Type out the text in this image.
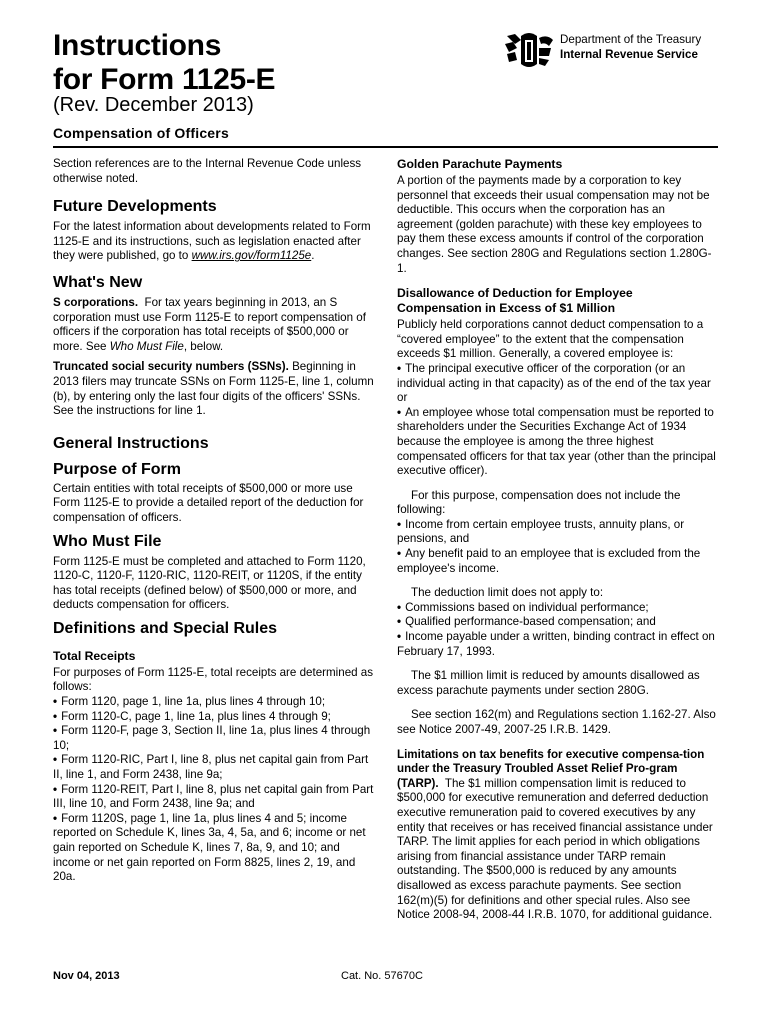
Instructions
for Form 1125-E
(Rev. December 2013)
Compensation of Officers
Department of the Treasury
Internal Revenue Service

Section references are to the Internal Revenue Code unless otherwise noted.

Future Developments

For the latest information about developments related to Form 1125-E and its instructions, such as legislation enacted after they were published, go to www.irs.gov/form1125e.

What's New

S corporations. For tax years beginning in 2013, an S corporation must use Form 1125-E to report compensation of officers if the corporation has total receipts of $500,000 or more. See Who Must File, below.

Truncated social security numbers (SSNs). Beginning in 2013 filers may truncate SSNs on Form 1125-E, line 1, column (b), by entering only the last four digits of the officers' SSNs. See the instructions for line 1.

General Instructions
Purpose of Form

Certain entities with total receipts of $500,000 or more use Form 1125-E to provide a detailed report of the deduction for compensation of officers.

Who Must File

Form 1125-E must be completed and attached to Form 1120, 1120-C, 1120-F, 1120-RIC, 1120-REIT, or 1120S, if the entity has total receipts (defined below) of $500,000 or more, and deducts compensation for officers.

Definitions and Special Rules
Total Receipts

For purposes of Form 1125-E, total receipts are determined as follows:

• Form 1120, page 1, line 1a, plus lines 4 through 10;

• Form 1120-C, page 1, line 1a, plus lines 4 through 9;

• Form 1120-F, page 3, Section II, line 1a, plus lines 4 through 10;

• Form 1120-RIC, Part I, line 8, plus net capital gain from Part II, line 1, and Form 2438, line 9a;

• Form 1120-REIT, Part I, line 8, plus net capital gain from Part III, line 10, and Form 2438, line 9a; and

• Form 1120S, page 1, line 1a, plus lines 4 and 5; income reported on Schedule K, lines 3a, 4, 5a, and 6; income or net gain reported on Schedule K, lines 7, 8a, 9, and 10; and income or net gain reported on Form 8825, lines 2, 19, and 20a.

Golden Parachute Payments

A portion of the payments made by a corporation to key personnel that exceeds their usual compensation may not be deductible. This occurs when the corporation has an agreement (golden parachute) with these key employees to pay them these excess amounts if control of the corporation changes. See section 280G and Regulations section 1.280G-1.

Disallowance of Deduction for Employee Compensation in Excess of $1 Million

Publicly held corporations cannot deduct compensation to a “covered employee” to the extent that the compensation exceeds $1 million. Generally, a covered employee is:

• The principal executive officer of the corporation (or an individual acting in that capacity) as of the end of the tax year or

• An employee whose total compensation must be reported to shareholders under the Securities Exchange Act of 1934 because the employee is among the three highest compensated officers for that tax year (other than the principal executive officer).

For this purpose, compensation does not include the following:

• Income from certain employee trusts, annuity plans, or pensions, and

• Any benefit paid to an employee that is excluded from the employee's income.

The deduction limit does not apply to:

• Commissions based on individual performance;

• Qualified performance-based compensation; and

• Income payable under a written, binding contract in effect on February 17, 1993.

The $1 million limit is reduced by amounts disallowed as excess parachute payments under section 280G.

See section 162(m) and Regulations section 1.162-27. Also see Notice 2007-49, 2007-25 I.R.B. 1429.

Limitations on tax benefits for executive compensa-tion under the Treasury Troubled Asset Relief Pro-gram (TARP). The $1 million compensation limit is reduced to $500,000 for executive remuneration and deferred deduction executive remuneration paid to covered executives by any entity that receives or has received financial assistance under TARP. The limit applies for each period in which obligations arising from financial assistance under TARP remain outstanding. The $500,000 is reduced by any amounts disallowed as excess parachute payments. See section 162(m)(5) for definitions and other special rules. Also see Notice 2008-94, 2008-44 I.R.B. 1070, for additional guidance.

Nov 04, 2013	Cat. No. 57670C
